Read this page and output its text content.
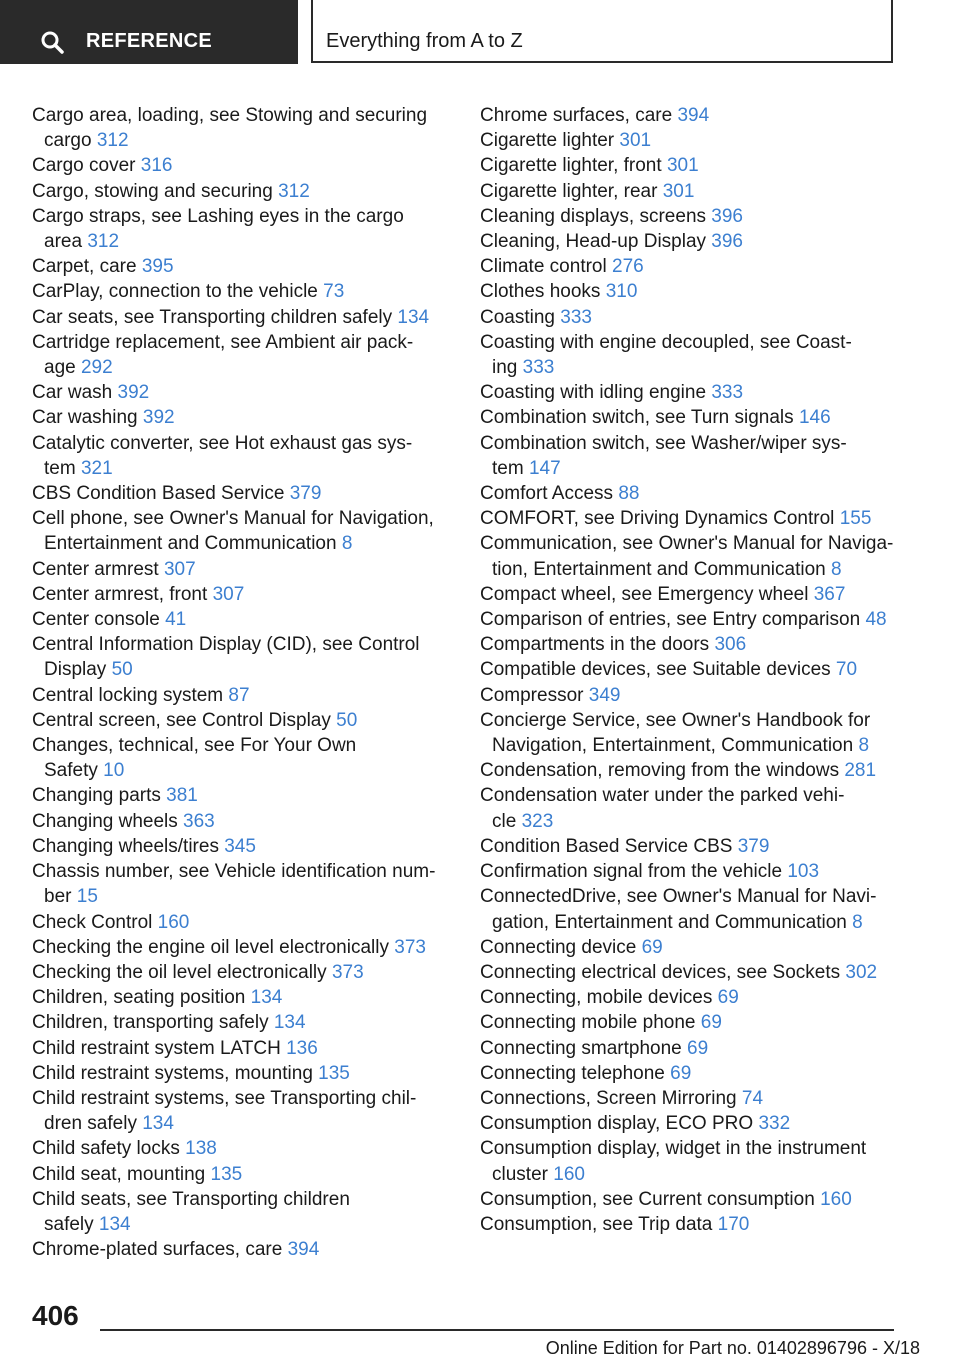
REFERENCE	Everything from A to Z
Cargo area, loading, see Stowing and securing
cargo 312
Cargo cover 316
Cargo, stowing and securing 312
Cargo straps, see Lashing eyes in the cargo
area 312
Carpet, care 395
CarPlay, connection to the vehicle 73
Car seats, see Transporting children safely 134
Cartridge replacement, see Ambient air pack-
age 292
Car wash 392
Car washing 392
Catalytic converter, see Hot exhaust gas sys-
tem 321
CBS Condition Based Service 379
Cell phone, see Owner's Manual for Navigation,
Entertainment and Communication 8
Center armrest 307
Center armrest, front 307
Center console 41
Central Information Display (CID), see Control
Display 50
Central locking system 87
Central screen, see Control Display 50
Changes, technical, see For Your Own
Safety 10
Changing parts 381
Changing wheels 363
Changing wheels/tires 345
Chassis number, see Vehicle identification num-
ber 15
Check Control 160
Checking the engine oil level electronically 373
Checking the oil level electronically 373
Children, seating position 134
Children, transporting safely 134
Child restraint system LATCH 136
Child restraint systems, mounting 135
Child restraint systems, see Transporting chil-
dren safely 134
Child safety locks 138
Child seat, mounting 135
Child seats, see Transporting children
safely 134
Chrome-plated surfaces, care 394
Chrome surfaces, care 394
Cigarette lighter 301
Cigarette lighter, front 301
Cigarette lighter, rear 301
Cleaning displays, screens 396
Cleaning, Head-up Display 396
Climate control 276
Clothes hooks 310
Coasting 333
Coasting with engine decoupled, see Coast-
ing 333
Coasting with idling engine 333
Combination switch, see Turn signals 146
Combination switch, see Washer/wiper sys-
tem 147
Comfort Access 88
COMFORT, see Driving Dynamics Control 155
Communication, see Owner's Manual for Naviga-
tion, Entertainment and Communication 8
Compact wheel, see Emergency wheel 367
Comparison of entries, see Entry comparison 48
Compartments in the doors 306
Compatible devices, see Suitable devices 70
Compressor 349
Concierge Service, see Owner's Handbook for
Navigation, Entertainment, Communication 8
Condensation, removing from the windows 281
Condensation water under the parked vehi-
cle 323
Condition Based Service CBS 379
Confirmation signal from the vehicle 103
ConnectedDrive, see Owner's Manual for Navi-
gation, Entertainment and Communication 8
Connecting device 69
Connecting electrical devices, see Sockets 302
Connecting, mobile devices 69
Connecting mobile phone 69
Connecting smartphone 69
Connecting telephone 69
Connections, Screen Mirroring 74
Consumption display, ECO PRO 332
Consumption display, widget in the instrument
cluster 160
Consumption, see Current consumption 160
Consumption, see Trip data 170
406
Online Edition for Part no. 01402896796 - X/18
